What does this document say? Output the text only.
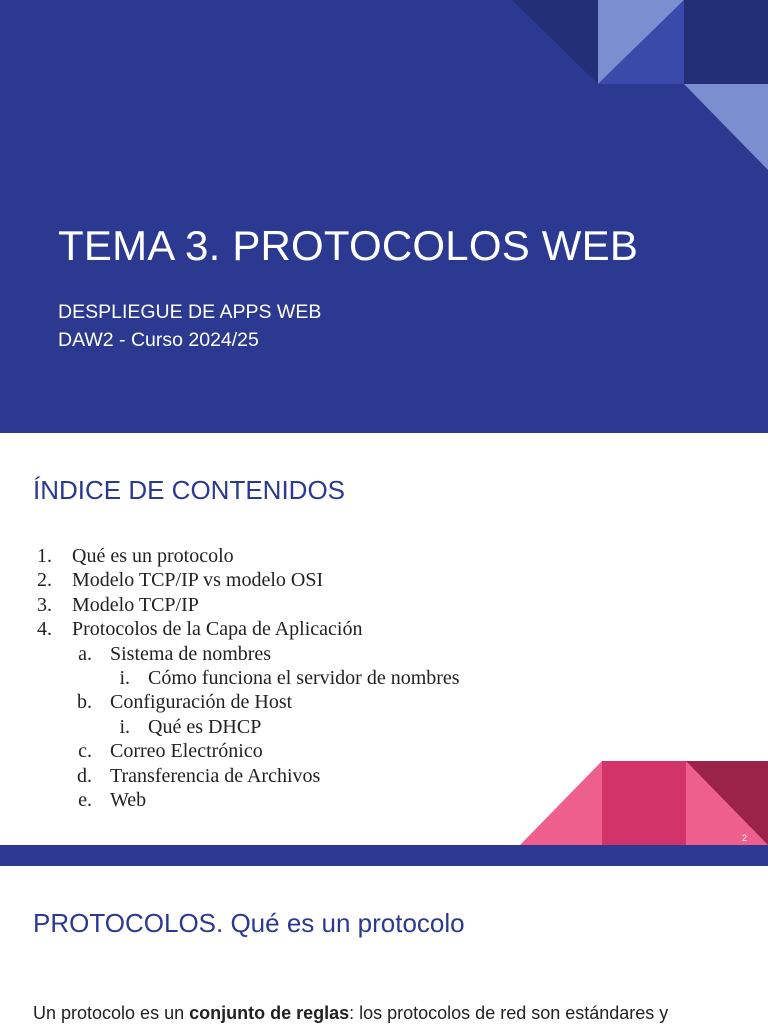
TEMA 3. PROTOCOLOS WEB
DESPLIEGUE DE APPS WEB
DAW2 - Curso 2024/25
ÍNDICE DE CONTENIDOS
1. Qué es un protocolo
2. Modelo TCP/IP vs modelo OSI
3. Modelo TCP/IP
4. Protocolos de la Capa de Aplicación
a. Sistema de nombres
i. Cómo funciona el servidor de nombres
b. Configuración de Host
i. Qué es DHCP
c. Correo Electrónico
d. Transferencia de Archivos
e. Web
2
PROTOCOLOS. Qué es un protocolo
Un protocolo es un conjunto de reglas: los protocolos de red son estándares y
